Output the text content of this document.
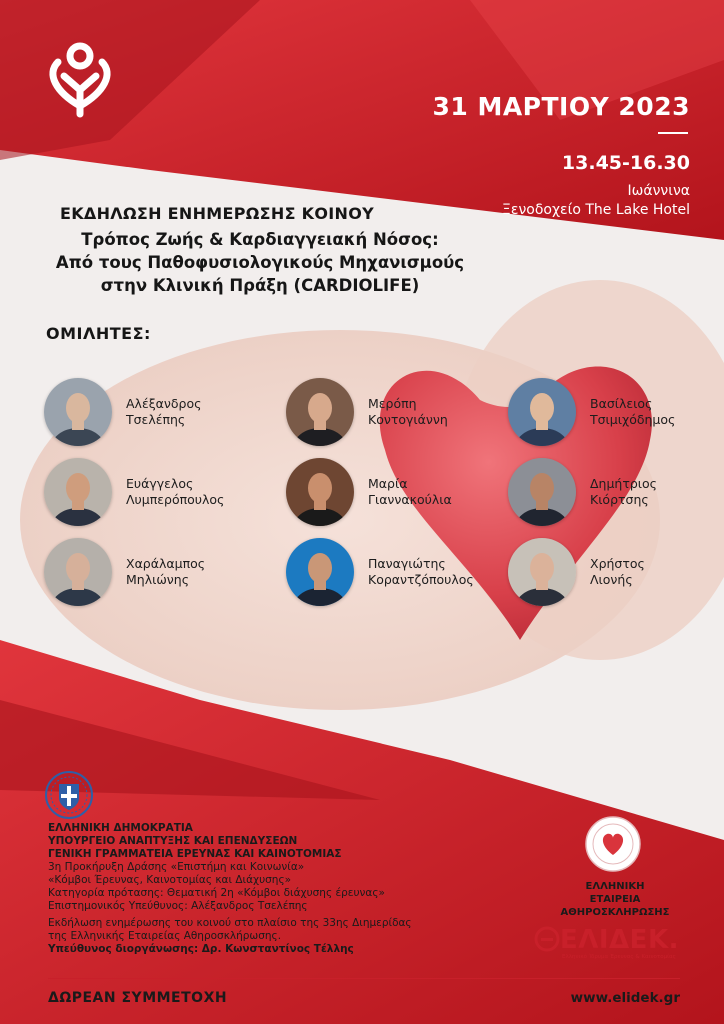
31 ΜΑΡΤΙΟΥ 2023
13.45-16.30
Ιωάννινα
Ξενοδοχείο The Lake Hotel
ΕΚΔΗΛΩΣΗ ΕΝΗΜΕΡΩΣΗΣ ΚΟΙΝΟΥ
Τρόπος Ζωής & Καρδιαγγειακή Νόσος:
Από τους Παθοφυσιολογικούς Μηχανισμούς
στην Κλινική Πράξη (CARDIOLIFE)
ΟΜΙΛΗΤΕΣ:
Αλέξανδρος
Τσελέπης
Μερόπη
Κοντογιάννη
Βασίλειος
Τσιμιχόδημος
Ευάγγελος
Λυμπερόπουλος
Μαρία
Γιαννακούλια
Δημήτριος
Κιόρτσης
Χαράλαμπος
Μηλιώνης
Παναγιώτης
Κοραντζόπουλος
Χρήστος
Λιονής
ΕΛΛΗΝΙΚΗ ΔΗΜΟΚΡΑΤΙΑ
ΥΠΟΥΡΓΕΙΟ ΑΝΑΠΤΥΞΗΣ ΚΑΙ ΕΠΕΝΔΥΣΕΩΝ
ΓΕΝΙΚΗ ΓΡΑΜΜΑΤΕΙΑ ΕΡΕΥΝΑΣ ΚΑΙ ΚΑΙΝΟΤΟΜΙΑΣ
3η Προκήρυξη Δράσης «Επιστήμη και Κοινωνία»
«Κόμβοι Έρευνας, Καινοτομίας και Διάχυσης»
Κατηγορία πρότασης: Θεματική 2η «Κόμβοι διάχυσης έρευνας»
Επιστημονικός Υπεύθυνος: Αλέξανδρος Τσελέπης
Εκδήλωση ενημέρωσης του κοινού στο πλαίσιο της 33ης Διημερίδας
της Ελληνικής Εταιρείας Αθηροσκλήρωσης.
Υπεύθυνος διοργάνωσης: Δρ. Κωνσταντίνος Τέλλης
ΕΛΛΗΝΙΚΗ ΕΤΑΙΡΕΙΑ
ΑΘΗΡΟΣΚΛΗΡΩΣΗΣ
ΕΛΙΔΕΚ.
Ελληνικό Ίδρυμα Έρευνας & Καινοτομίας
ΔΩΡΕΑΝ ΣΥΜΜΕΤΟΧΗ	www.elidek.gr
